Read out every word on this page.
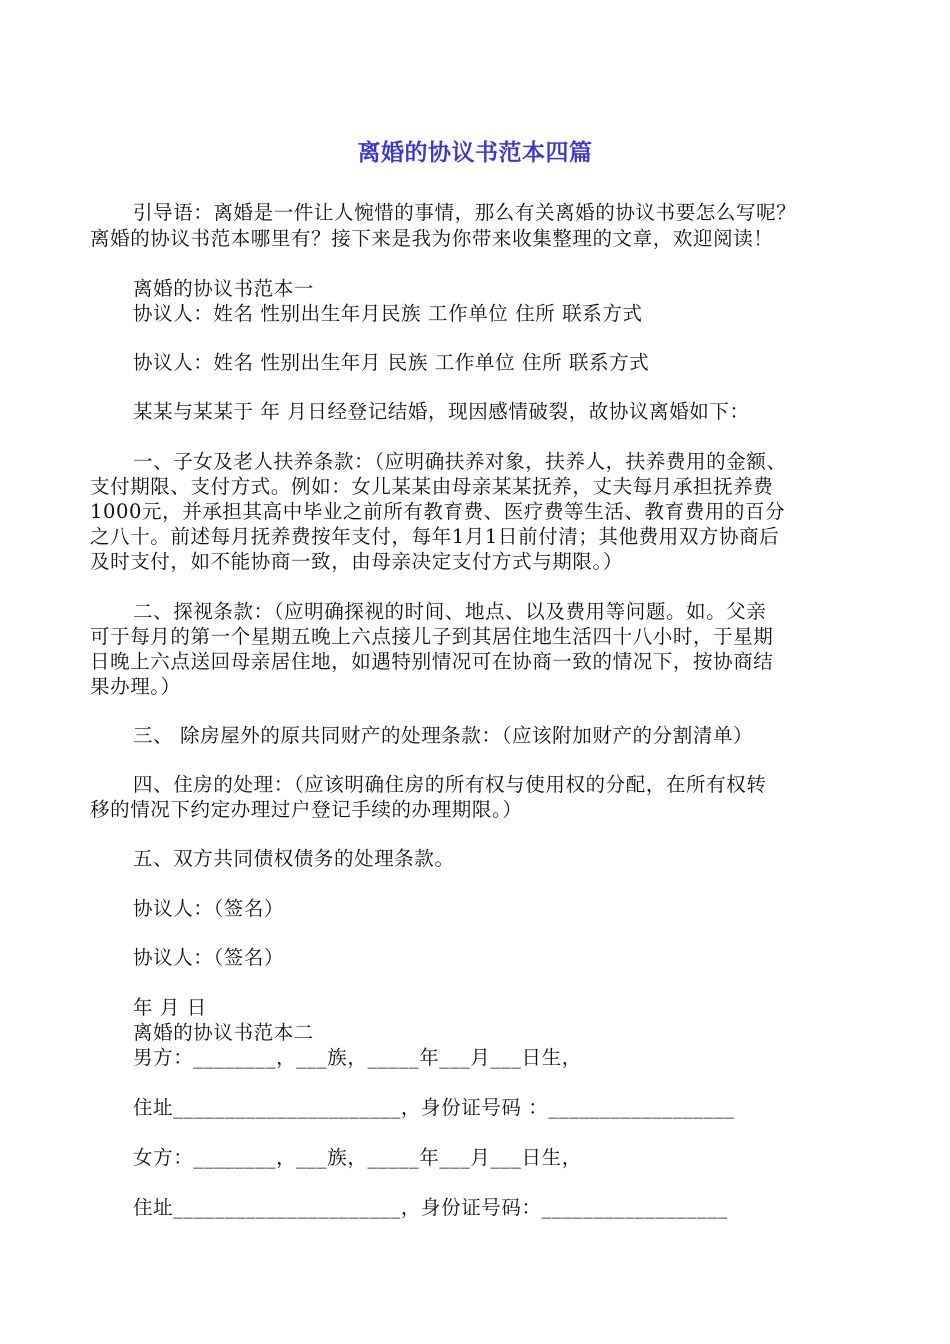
离婚的协议书范本四篇
引导语：离婚是一件让人惋惜的事情，那么有关离婚的协议书要怎么写呢？
离婚的协议书范本哪里有？接下来是我为你带来收集整理的文章，欢迎阅读！
离婚的协议书范本一
协议人：姓名 性别出生年月民族 工作单位 住所 联系方式
协议人：姓名 性别出生年月 民族 工作单位 住所 联系方式
某某与某某于 年 月日经登记结婚，现因感情破裂，故协议离婚如下：
一、子女及老人扶养条款：（应明确扶养对象，扶养人，扶养费用的金额、
支付期限、支付方式。例如：女儿某某由母亲某某抚养，丈夫每月承担抚养费
1000元，并承担其高中毕业之前所有教育费、医疗费等生活、教育费用的百分
之八十。前述每月抚养费按年支付，每年1月1日前付清；其他费用双方协商后
及时支付，如不能协商一致，由母亲决定支付方式与期限。）
二、探视条款：（应明确探视的时间、地点、以及费用等问题。如。父亲
可于每月的第一个星期五晚上六点接儿子到其居住地生活四十八小时，于星期
日晚上六点送回母亲居住地，如遇特别情况可在协商一致的情况下，按协商结
果办理。）
三、 除房屋外的原共同财产的处理条款：（应该附加财产的分割清单）
四、住房的处理：（应该明确住房的所有权与使用权的分配，在所有权转
移的情况下约定办理过户登记手续的办理期限。）
五、双方共同债权债务的处理条款。
协议人：（签名）
协议人：（签名）
年 月 日
离婚的协议书范本二
男方：________，___族，_____年___月___日生，
住址______________________，身份证号码 ：__________________
女方：________，___族，_____年___月___日生，
住址______________________，身份证号码：__________________
